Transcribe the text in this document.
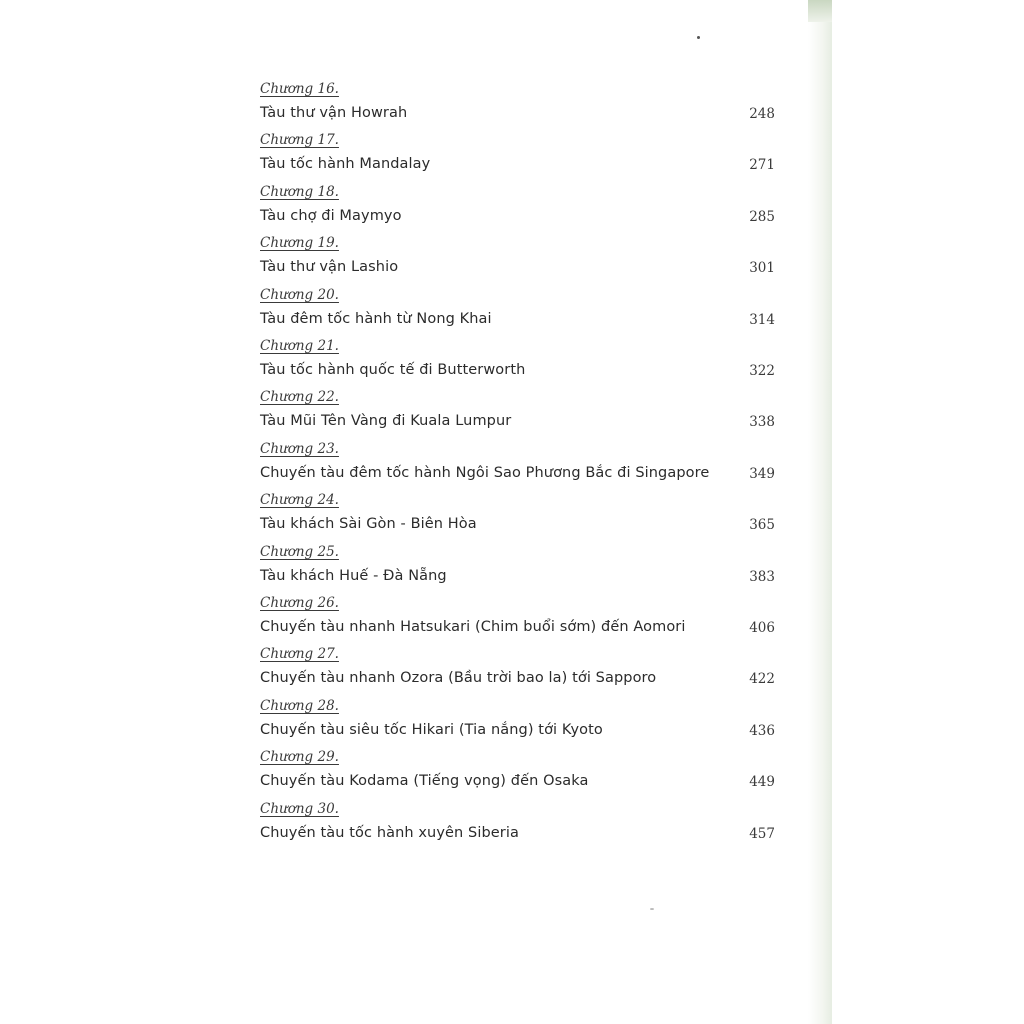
Chương 16.
Tàu thư vận Howrah	248
Chương 17.
Tàu tốc hành Mandalay	271
Chương 18.
Tàu chợ đi Maymyo	285
Chương 19.
Tàu thư vận Lashio	301
Chương 20.
Tàu đêm tốc hành từ Nong Khai	314
Chương 21.
Tàu tốc hành quốc tế đi Butterworth	322
Chương 22.
Tàu Mũi Tên Vàng đi Kuala Lumpur	338
Chương 23.
Chuyến tàu đêm tốc hành Ngôi Sao Phương Bắc đi Singapore	349
Chương 24.
Tàu khách Sài Gòn - Biên Hòa	365
Chương 25.
Tàu khách Huế - Đà Nẵng	383
Chương 26.
Chuyến tàu nhanh Hatsukari (Chim buổi sớm) đến Aomori	406
Chương 27.
Chuyến tàu nhanh Ozora (Bầu trời bao la) tới Sapporo	422
Chương 28.
Chuyến tàu siêu tốc Hikari (Tia nắng) tới Kyoto	436
Chương 29.
Chuyến tàu Kodama (Tiếng vọng) đến Osaka	449
Chương 30.
Chuyến tàu tốc hành xuyên Siberia	457
